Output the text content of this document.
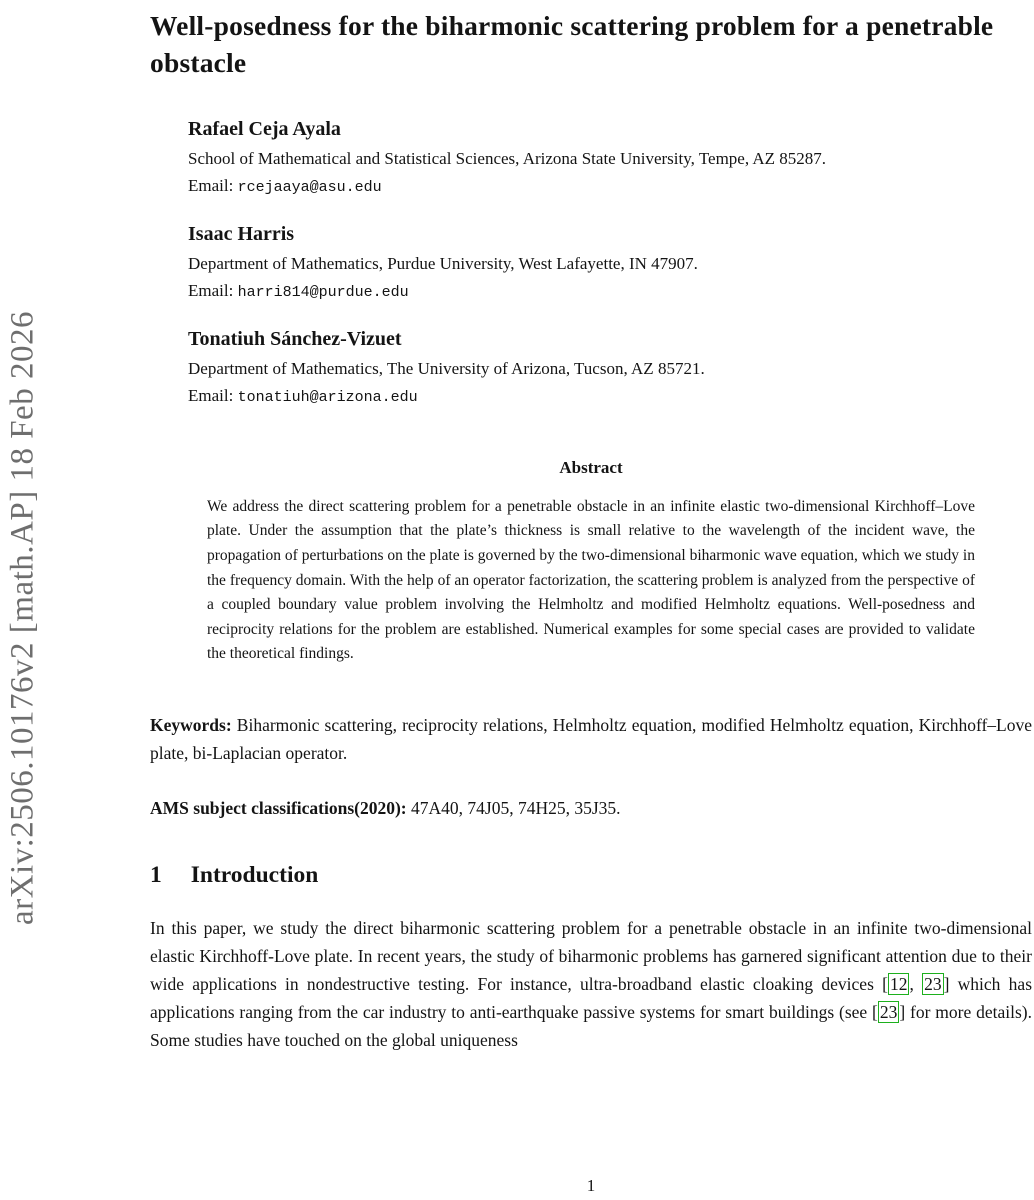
arXiv:2506.10176v2 [math.AP] 18 Feb 2026
Well-posedness for the biharmonic scattering problem for a penetrable obstacle
Rafael Ceja Ayala
School of Mathematical and Statistical Sciences, Arizona State University, Tempe, AZ 85287.
Email: rcejaaya@asu.edu
Isaac Harris
Department of Mathematics, Purdue University, West Lafayette, IN 47907.
Email: harri814@purdue.edu
Tonatiuh Sánchez-Vizuet
Department of Mathematics, The University of Arizona, Tucson, AZ 85721.
Email: tonatiuh@arizona.edu
Abstract

We address the direct scattering problem for a penetrable obstacle in an infinite elastic two-dimensional Kirchhoff–Love plate. Under the assumption that the plate’s thickness is small relative to the wavelength of the incident wave, the propagation of perturbations on the plate is governed by the two-dimensional biharmonic wave equation, which we study in the frequency domain. With the help of an operator factorization, the scattering problem is analyzed from the perspective of a coupled boundary value problem involving the Helmholtz and modified Helmholtz equations. Well-posedness and reciprocity relations for the problem are established. Numerical examples for some special cases are provided to validate the theoretical findings.

Keywords: Biharmonic scattering, reciprocity relations, Helmholtz equation, modified Helmholtz equation, Kirchhoff–Love plate, bi-Laplacian operator.

AMS subject classifications(2020): 47A40, 74J05, 74H25, 35J35.

1 Introduction

In this paper, we study the direct biharmonic scattering problem for a penetrable obstacle in an infinite two-dimensional elastic Kirchhoff-Love plate. In recent years, the study of biharmonic problems has garnered significant attention due to their wide applications in nondestructive testing. For instance, ultra-broadband elastic cloaking devices [ 12 , 23 ] which has applications ranging from the car industry to anti-earthquake passive systems for smart buildings (see [ 23 ] for more details). Some studies have touched on the global uniqueness

1
